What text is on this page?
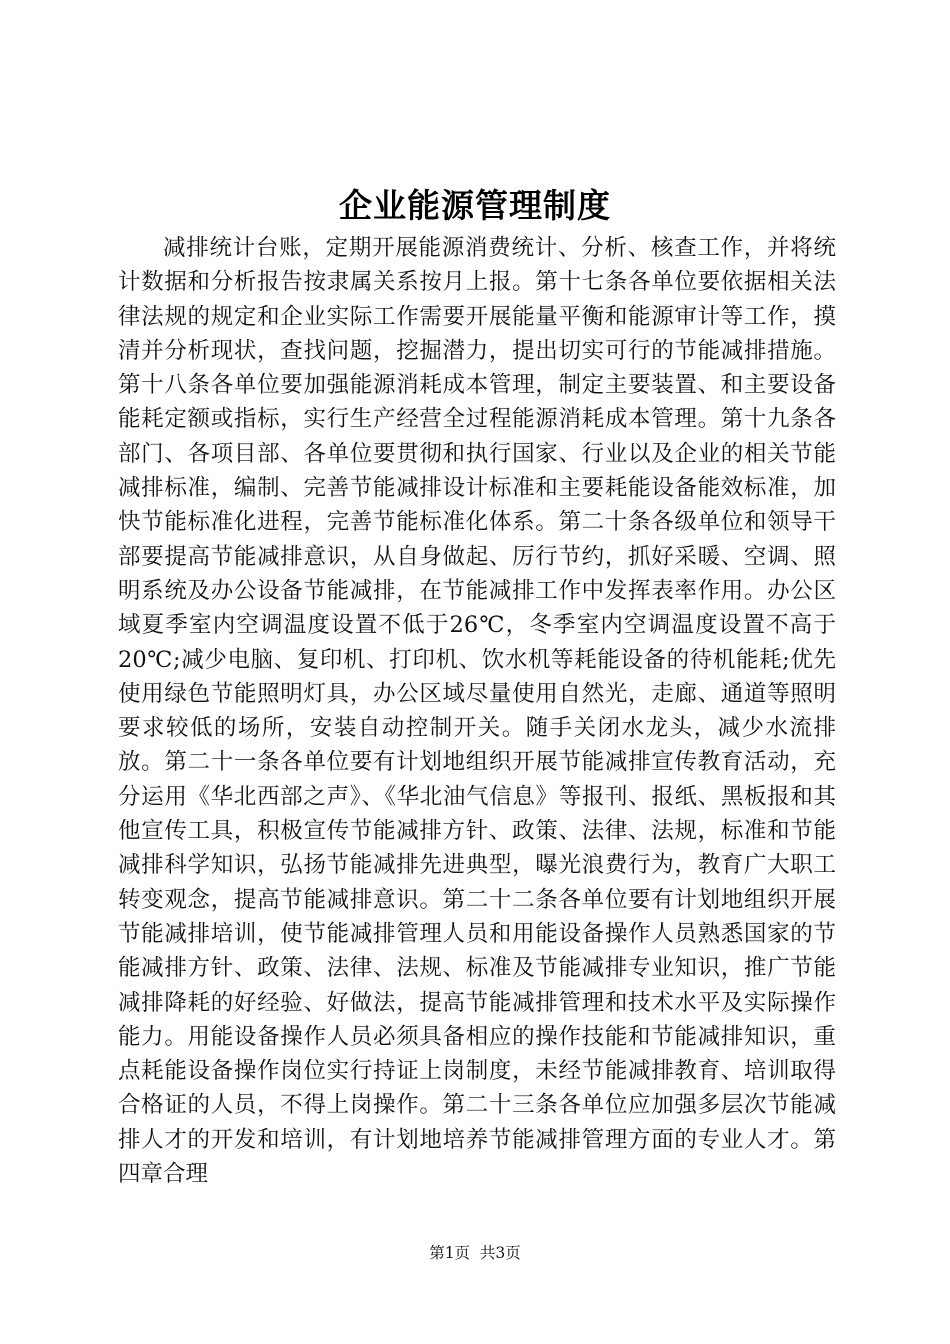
企业能源管理制度
减排统计台账，定期开展能源消费统计、分析、核查工作，并将统计数据和分析报告按隶属关系按月上报。第十七条各单位要依据相关法律法规的规定和企业实际工作需要开展能量平衡和能源审计等工作，摸清并分析现状，查找问题，挖掘潜力，提出切实可行的节能减排措施。第十八条各单位要加强能源消耗成本管理，制定主要装置、和主要设备能耗定额或指标，实行生产经营全过程能源消耗成本管理。第十九条各部门、各项目部、各单位要贯彻和执行国家、行业以及企业的相关节能减排标准，编制、完善节能减排设计标准和主要耗能设备能效标准，加快节能标准化进程，完善节能标准化体系。第二十条各级单位和领导干部要提高节能减排意识，从自身做起、厉行节约，抓好采暖、空调、照明系统及办公设备节能减排，在节能减排工作中发挥表率作用。办公区域夏季室内空调温度设置不低于26℃，冬季室内空调温度设置不高于20℃;减少电脑、复印机、打印机、饮水机等耗能设备的待机能耗;优先使用绿色节能照明灯具，办公区域尽量使用自然光，走廊、通道等照明要求较低的场所，安装自动控制开关。随手关闭水龙头，减少水流排放。第二十一条各单位要有计划地组织开展节能减排宣传教育活动，充分运用《华北西部之声》、《华北油气信息》等报刊、报纸、黑板报和其他宣传工具，积极宣传节能减排方针、政策、法律、法规，标准和节能减排科学知识，弘扬节能减排先进典型，曝光浪费行为，教育广大职工转变观念，提高节能减排意识。第二十二条各单位要有计划地组织开展节能减排培训，使节能减排管理人员和用能设备操作人员熟悉国家的节能减排方针、政策、法律、法规、标准及节能减排专业知识，推广节能减排降耗的好经验、好做法，提高节能减排管理和技术水平及实际操作能力。用能设备操作人员必须具备相应的操作技能和节能减排知识，重点耗能设备操作岗位实行持证上岗制度，未经节能减排教育、培训取得合格证的人员，不得上岗操作。第二十三条各单位应加强多层次节能减排人才的开发和培训，有计划地培养节能减排管理方面的专业人才。第四章合理
第1页 共3页
